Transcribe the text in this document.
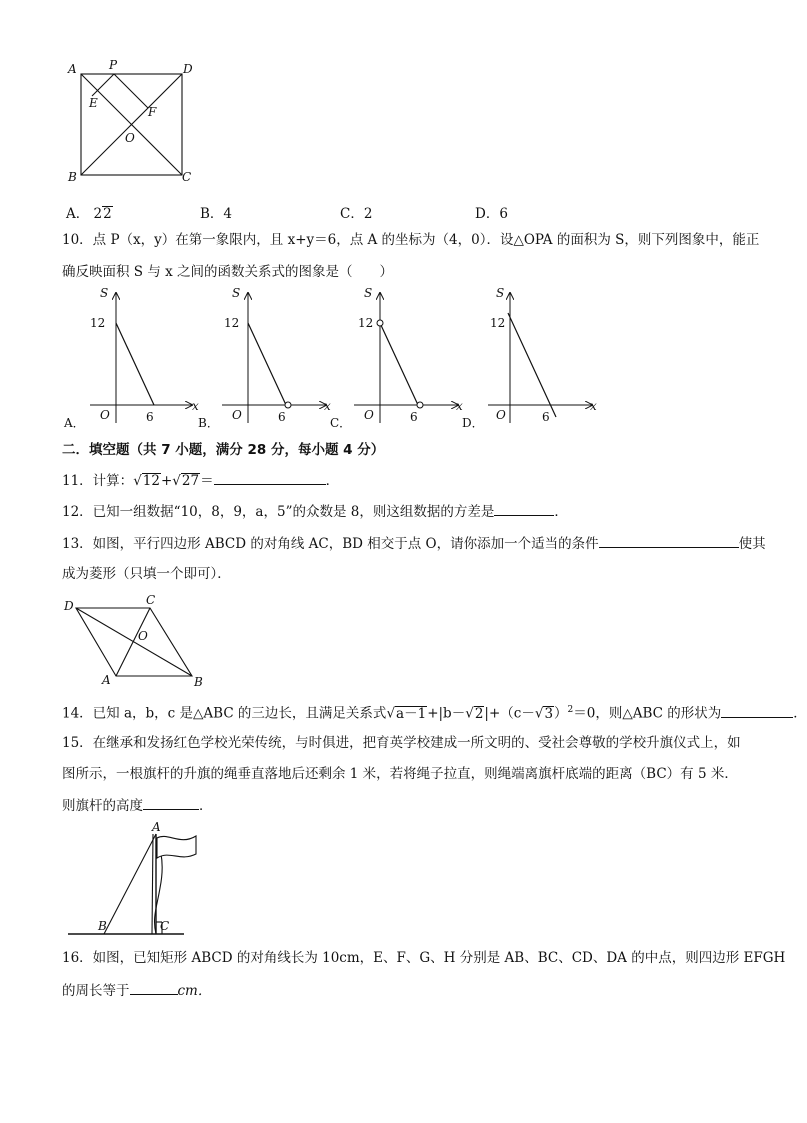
A	P	D
E
F
O
B	C
A． 22	B．4	C．2	D．6
10．点 P（x，y）在第一象限内，且 x+y＝6，点 A 的坐标为（4，0）．设△OPA 的面积为 S，则下列图象中，能正
确反映面积 S 与 x 之间的函数关系式的图象是（　　）
S
12
O	6
x
A．
S
12
O	6
x
B．
S
12
O	6
x
C．
S
12
O	6
x
D．
二．填空题（共 7 小题，满分 28 分，每小题 4 分）
11．计算：√12+√27＝	．
12．已知一组数据“10，8，9，a，5”的众数是 8，则这组数据的方差是	．
13．如图，平行四边形 ABCD 的对角线 AC，BD 相交于点 O，请你添加一个适当的条件	使其
成为菱形（只填一个即可）．
D	C
O
A	B
14．已知 a，b，c 是△ABC 的三边长，且满足关系式$√a-1+|b-√2|+(c-√3)^2=0$，则△ABC 的形状为	．
15．在继承和发扬红色学校光荣传统，与时俱进，把育英学校建成一所文明的、受社会尊敬的学校升旗仪式上，如
图所示，一根旗杆的升旗的绳垂直落地后还剩余 1 米，若将绳子拉直，则绳端离旗杆底端的距离（BC）有 5 米．
则旗杆的高度	．
A
B	C
16．如图，已知矩形 ABCD 的对角线长为 10cm，E、F、G、H 分别是 AB、BC、CD、DA 的中点，则四边形 EFGH
的周长等于	cm．
